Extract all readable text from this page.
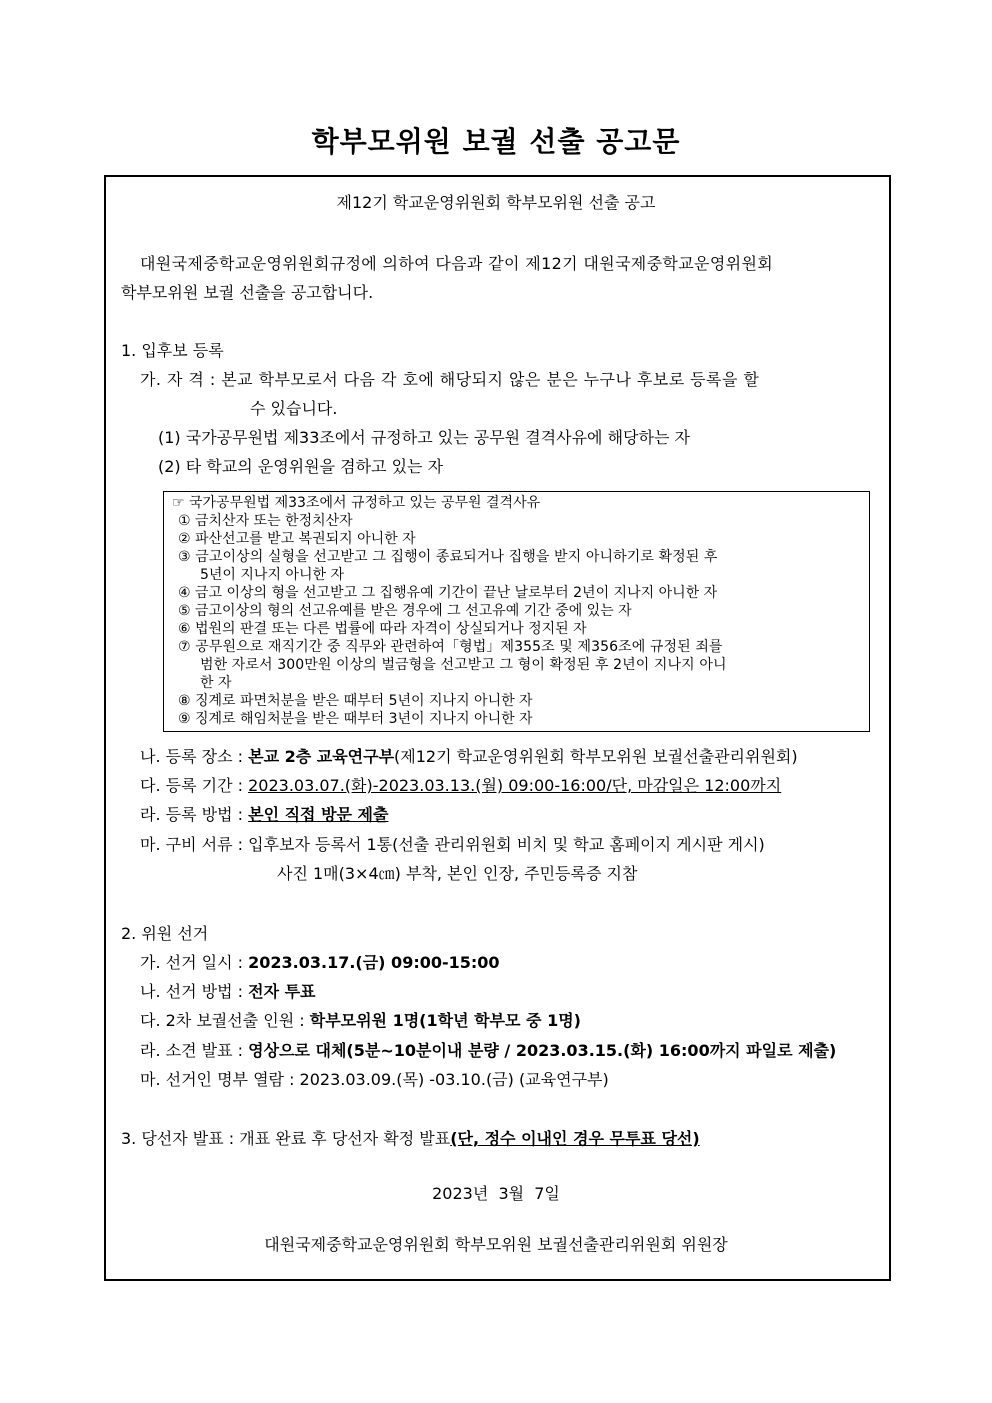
학부모위원 보궐 선출 공고문
제12기 학교운영위원회 학부모위원 선출 공고
대원국제중학교운영위원회규정에 의하여 다음과 같이 제12기 대원국제중학교운영위원회
학부모위원 보궐 선출을 공고합니다.
1. 입후보 등록
가. 자 격 : 본교 학부모로서 다음 각 호에 해당되지 않은 분은 누구나 후보로 등록을 할
수 있습니다.
(1) 국가공무원법 제33조에서 규정하고 있는 공무원 결격사유에 해당하는 자
(2) 타 학교의 운영위원을 겸하고 있는 자
☞ 국가공무원법 제33조에서 규정하고 있는 공무원 결격사유
① 금치산자 또는 한정치산자
② 파산선고를 받고 복권되지 아니한 자
③ 금고이상의 실형을 선고받고 그 집행이 종료되거나 집행을 받지 아니하기로 확정된 후
5년이 지나지 아니한 자
④ 금고 이상의 형을 선고받고 그 집행유예 기간이 끝난 날로부터 2년이 지나지 아니한 자
⑤ 금고이상의 형의 선고유예를 받은 경우에 그 선고유예 기간 중에 있는 자
⑥ 법원의 판결 또는 다른 법률에 따라 자격이 상실되거나 정지된 자
⑦ 공무원으로 재직기간 중 직무와 관련하여「형법」제355조 및 제356조에 규정된 죄를
범한 자로서 300만원 이상의 벌금형을 선고받고 그 형이 확정된 후 2년이 지나지 아니
한 자
⑧ 징계로 파면처분을 받은 때부터 5년이 지나지 아니한 자
⑨ 징계로 해임처분을 받은 때부터 3년이 지나지 아니한 자
나. 등록 장소 : 본교 2층 교육연구부(제12기 학교운영위원회 학부모위원 보궐선출관리위원회)
다. 등록 기간 : 2023.03.07.(화)-2023.03.13.(월) 09:00-16:00/단, 마감일은 12:00까지
라. 등록 방법 : 본인 직접 방문 제출
마. 구비 서류 : 입후보자 등록서 1통(선출 관리위원회 비치 및 학교 홈페이지 게시판 게시)
사진 1매(3×4㎝) 부착, 본인 인장, 주민등록증 지참
2. 위원 선거
가. 선거 일시 : 2023.03.17.(금) 09:00-15:00
나. 선거 방법 : 전자 투표
다. 2차 보궐선출 인원 : 학부모위원 1명(1학년 학부모 중 1명)
라. 소견 발표 : 영상으로 대체(5분~10분이내 분량 / 2023.03.15.(화) 16:00까지 파일로 제출)
마. 선거인 명부 열람 : 2023.03.09.(목) -03.10.(금) (교육연구부)
3. 당선자 발표 : 개표 완료 후 당선자 확정 발표(단, 정수 이내인 경우 무투표 당선)
2023년  3월  7일
대원국제중학교운영위원회 학부모위원 보궐선출관리위원회 위원장
